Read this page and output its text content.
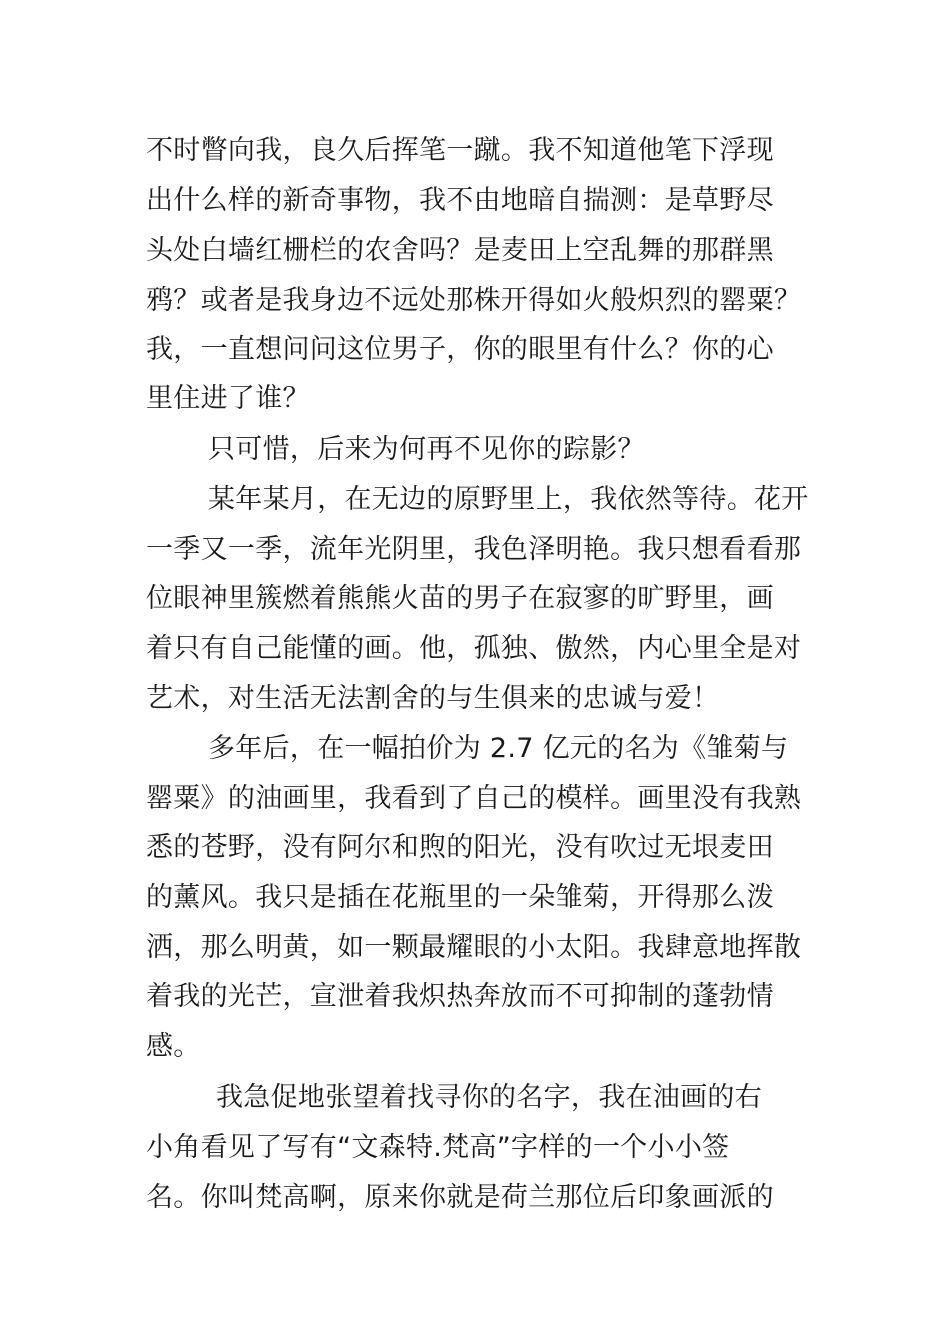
不时瞥向我，良久后挥笔一蹴。我不知道他笔下浮现
出什么样的新奇事物，我不由地暗自揣测：是草野尽
头处白墙红栅栏的农舍吗？是麦田上空乱舞的那群黑
鸦？或者是我身边不远处那株开得如火般炽烈的罂粟？
我，一直想问问这位男子，你的眼里有什么？你的心
里住进了谁？
只可惜，后来为何再不见你的踪影？
某年某月，在无边的原野里上，我依然等待。花开
一季又一季，流年光阴里，我色泽明艳。我只想看看那
位眼神里簇燃着熊熊火苗的男子在寂寥的旷野里，画
着只有自己能懂的画。他，孤独、傲然，内心里全是对
艺术，对生活无法割舍的与生俱来的忠诚与爱！
多年后，在一幅拍价为 2.7 亿元的名为《雏菊与
罂粟》的油画里，我看到了自己的模样。画里没有我熟
悉的苍野，没有阿尔和煦的阳光，没有吹过无垠麦田
的薰风。我只是插在花瓶里的一朵雏菊，开得那么泼
洒，那么明黄，如一颗最耀眼的小太阳。我肆意地挥散
着我的光芒，宣泄着我炽热奔放而不可抑制的蓬勃情
感。
我急促地张望着找寻你的名字，我在油画的右
小角看见了写有“文森特.梵高”字样的一个小小签
名。你叫梵高啊，原来你就是荷兰那位后印象画派的
